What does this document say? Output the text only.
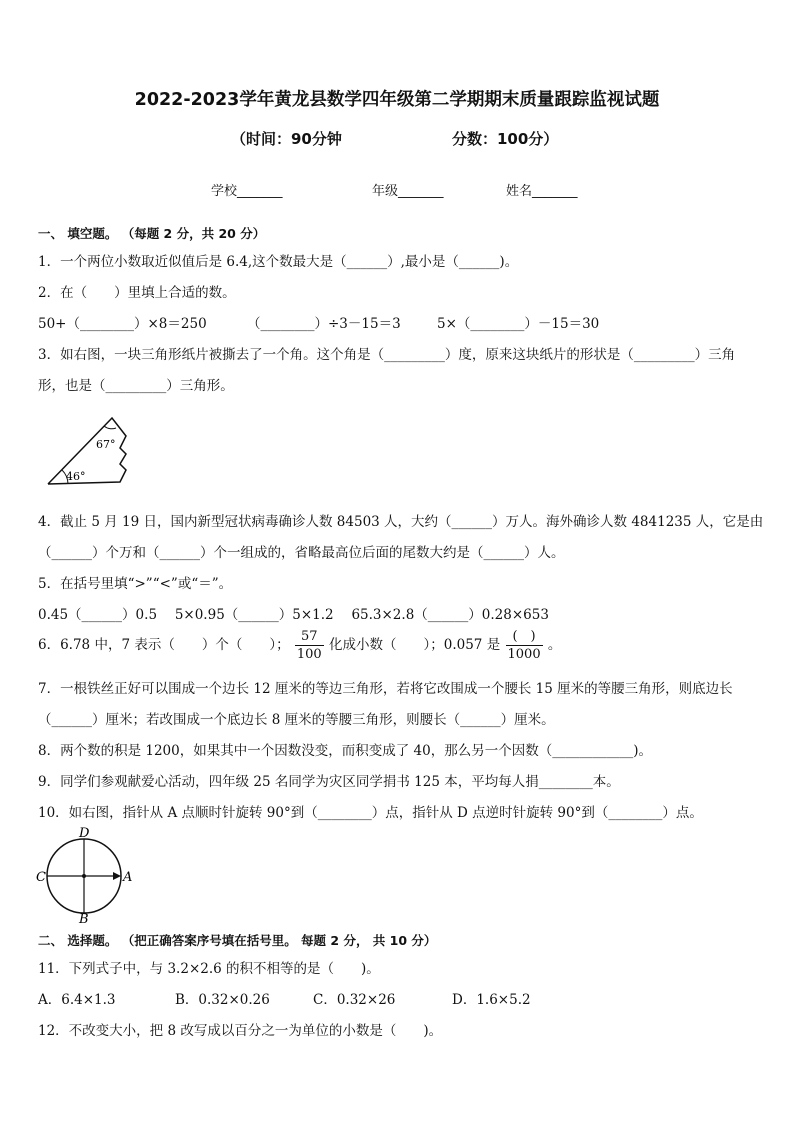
2022-2023学年黄龙县数学四年级第二学期期末质量跟踪监视试题
（时间：90分钟	分数：100分）
学校_______	年级_______	姓名_______
一、 填空题。 （每题 2 分，共 20 分）
1．一个两位小数取近似值后是 6.4,这个数最大是（______）,最小是（______)。
2．在（　　）里填上合适的数。
50+（________）×8＝250	（________）÷3－15＝3	5×（________）－15＝30
3．如右图，一块三角形纸片被撕去了一个角。这个角是（_________）度，原来这块纸片的形状是（_________）三角
形，也是（_________）三角形。
67°
46°
4．截止 5 月 19 日，国内新型冠状病毒确诊人数 84503 人，大约（______）万人。海外确诊人数 4841235 人，它是由
（______）个万和（______）个一组成的，省略最高位后面的尾数大约是（______）人。
5．在括号里填“>”“<”或“＝”。
0.45（______）0.5　 5×0.95（______）5×1.2　 65.3×2.8（______）0.28×653
6．6.78 中，7 表示（　　）个（　　）； $\frac{57}{100}$ 化成小数（　　）；0.057 是 $\frac{( )}{1000}$ 。
7．一根铁丝正好可以围成一个边长 12 厘米的等边三角形，若将它改围成一个腰长 15 厘米的等腰三角形，则底边长
（______）厘米；若改围成一个底边长 8 厘米的等腰三角形，则腰长（______）厘米。
8．两个数的积是 1200，如果其中一个因数没变，而积变成了 40，那么另一个因数（____________)。
9．同学们参观献爱心活动，四年级 25 名同学为灾区同学捐书 125 本，平均每人捐________本。
10．如右图，指针从 A 点顺时针旋转 90°到（________）点，指针从 D 点逆时针旋转 90°到（________）点。
D
C	A
B
二、 选择题。 （把正确答案序号填在括号里。 每题 2 分， 共 10 分）
11．下列式子中，与 3.2×2.6 的积不相等的是（　　)。
A．6.4×1.3	B．0.32×0.26	C．0.32×26	D．1.6×5.2
12．不改变大小，把 8 改写成以百分之一为单位的小数是（　　)。
